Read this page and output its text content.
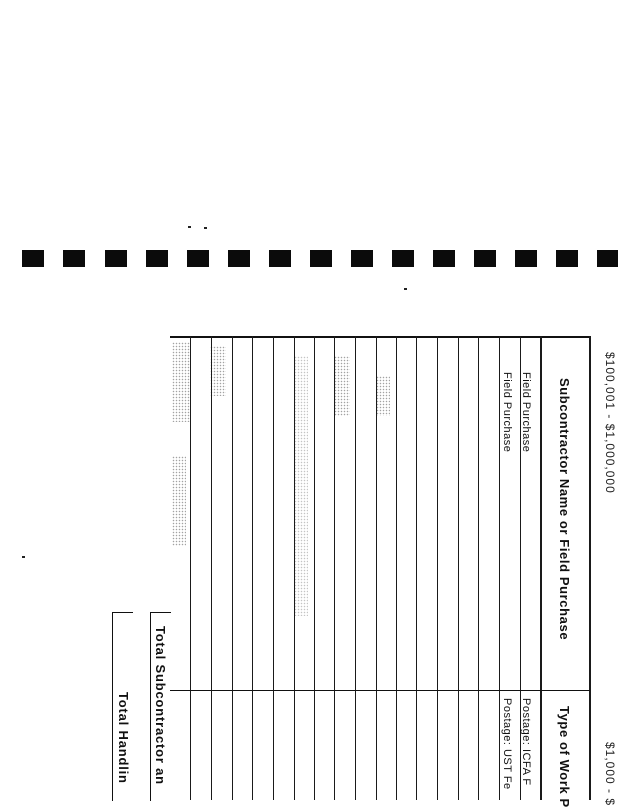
$100,001 - $1,000,000
$1,000 - $
Subcontractor Name or Field Purchase
Type of Work P
Field Purchase
Field Purchase
Postage: ICFA F
Postage: UST Fe
Total Subcontractor an
Total Handlin
